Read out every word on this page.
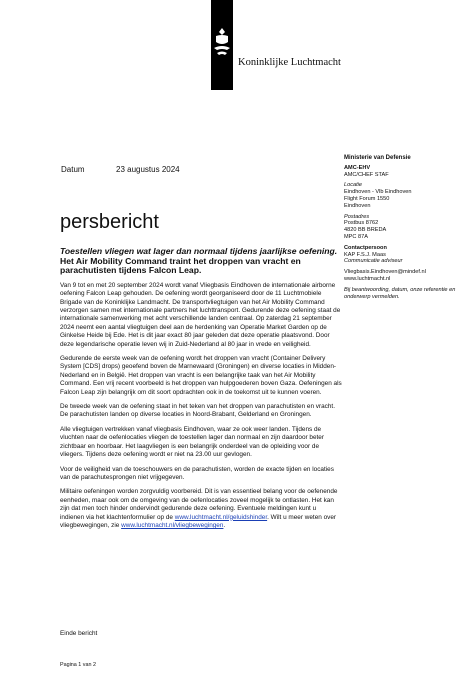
Koninklijke Luchtmacht
Datum	23 augustus 2024
Ministerie van Defensie
AMC-EHV
AMC/CHEF STAF
Locatie
Eindhoven - Vlb Eindhoven
Flight Forum 1550
Eindhoven
Postadres
Postbus 8762
4820 BB BREDA
MPC 87A
Contactpersoon
KAP F.S.J. Maas
Communicatie adviseur
Vliegbasis.Eindhoven@mindef.nl
www.luchtmacht.nl
Bij beantwoording, datum, onze referentie en onderwerp vermelden.
persbericht
Toestellen vliegen wat lager dan normaal tijdens jaarlijkse oefening.
Het Air Mobility Command traint het droppen van vracht en parachutisten tijdens Falcon Leap.

Van 9 tot en met 20 september 2024 wordt vanaf Vliegbasis Eindhoven de internationale airborne oefening Falcon Leap gehouden. De oefening wordt georganiseerd door de 11 Luchtmobiele Brigade van de Koninklijke Landmacht. De transportvliegtuigen van het Air Mobility Command verzorgen samen met internationale partners het luchttransport. Gedurende deze oefening staat de internationale samenwerking met acht verschillende landen centraal. Op zaterdag 21 september 2024 neemt een aantal vliegtuigen deel aan de herdenking van Operatie Market Garden op de Ginkelse Heide bij Ede. Het is dit jaar exact 80 jaar geleden dat deze operatie plaatsvond. Door deze legendarische operatie leven wij in Zuid-Nederland al 80 jaar in vrede en veiligheid.

Gedurende de eerste week van de oefening wordt het droppen van vracht (Container Delivery System [CDS] drops) geoefend boven de Marnewaard (Groningen) en diverse locaties in Midden-Nederland en in België. Het droppen van vracht is een belangrijke taak van het Air Mobility Command. Een vrij recent voorbeeld is het droppen van hulpgoederen boven Gaza. Oefeningen als Falcon Leap zijn belangrijk om dit soort opdrachten ook in de toekomst uit te kunnen voeren.

De tweede week van de oefening staat in het teken van het droppen van parachutisten en vracht. De parachutisten landen op diverse locaties in Noord-Brabant, Gelderland en Groningen.

Alle vliegtuigen vertrekken vanaf vliegbasis Eindhoven, waar ze ook weer landen. Tijdens de vluchten naar de oefenlocaties vliegen de toestellen lager dan normaal en zijn daardoor beter zichtbaar en hoorbaar. Het laagvliegen is een belangrijk onderdeel van de opleiding voor de vliegers. Tijdens deze oefening wordt er niet na 23.00 uur gevlogen.

Voor de veiligheid van de toeschouwers en de parachutisten, worden de exacte tijden en locaties van de parachutesprongen niet vrijgegeven.

Militaire oefeningen worden zorgvuldig voorbereid. Dit is van essentieel belang voor de oefenende eenheden, maar ook om de omgeving van de oefenlocaties zoveel mogelijk te ontlasten. Het kan zijn dat men toch hinder ondervindt gedurende deze oefening. Eventuele meldingen kunt u indienen via het klachtenformulier op de www.luchtmacht.nl/geluidshinder. Wilt u meer weten over vliegbewegingen, zie www.luchtmacht.nl/vliegbewegingen.

Einde bericht
Pagina 1 van 2
